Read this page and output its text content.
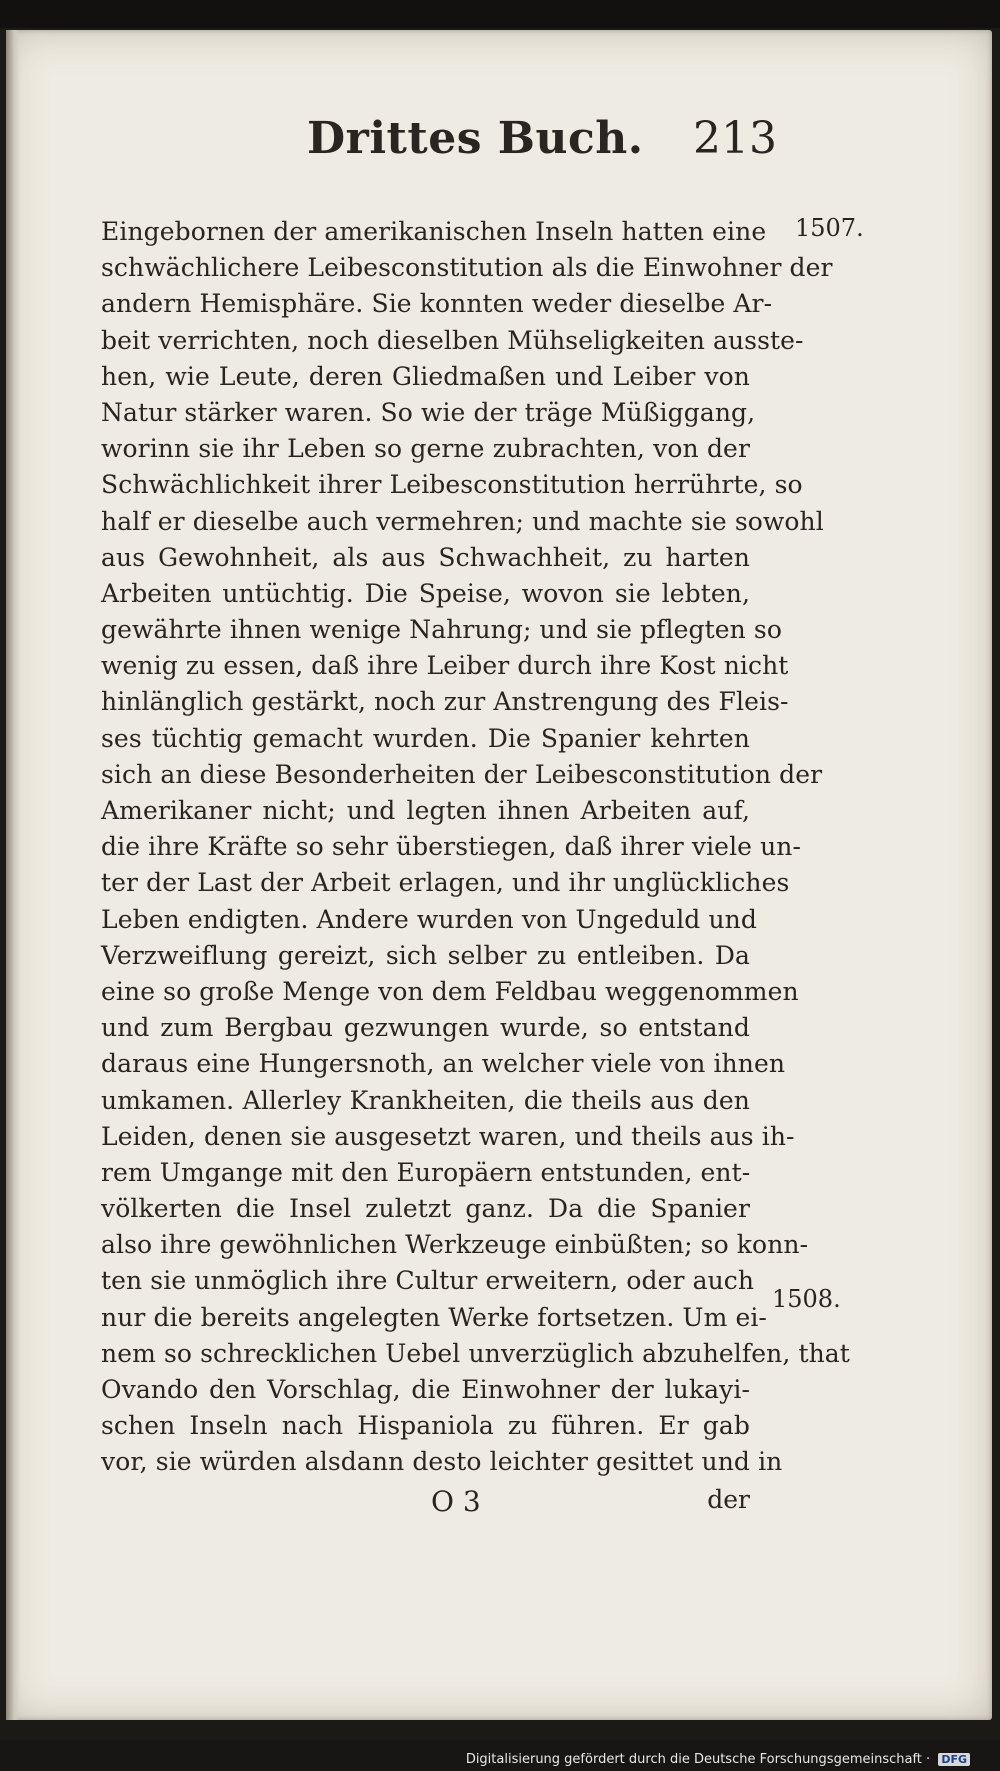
Drittes Buch. 213
1507.
1508.
Eingebornen der amerikanischen Inseln hatten eine
schwächlichere Leibesconstitution als die Einwohner der
andern Hemisphäre. Sie konnten weder dieselbe Ar-
beit verrichten, noch dieselben Mühseligkeiten ausste-
hen, wie Leute, deren Gliedmaßen und Leiber von
Natur stärker waren. So wie der träge Müßiggang,
worinn sie ihr Leben so gerne zubrachten, von der
Schwächlichkeit ihrer Leibesconstitution herrührte, so
half er dieselbe auch vermehren; und machte sie sowohl
aus Gewohnheit, als aus Schwachheit, zu harten
Arbeiten untüchtig. Die Speise, wovon sie lebten,
gewährte ihnen wenige Nahrung; und sie pflegten so
wenig zu essen, daß ihre Leiber durch ihre Kost nicht
hinlänglich gestärkt, noch zur Anstrengung des Fleis-
ses tüchtig gemacht wurden. Die Spanier kehrten
sich an diese Besonderheiten der Leibesconstitution der
Amerikaner nicht; und legten ihnen Arbeiten auf,
die ihre Kräfte so sehr überstiegen, daß ihrer viele un-
ter der Last der Arbeit erlagen, und ihr unglückliches
Leben endigten. Andere wurden von Ungeduld und
Verzweiflung gereizt, sich selber zu entleiben. Da
eine so große Menge von dem Feldbau weggenommen
und zum Bergbau gezwungen wurde, so entstand
daraus eine Hungersnoth, an welcher viele von ihnen
umkamen. Allerley Krankheiten, die theils aus den
Leiden, denen sie ausgesetzt waren, und theils aus ih-
rem Umgange mit den Europäern entstunden, ent-
völkerten die Insel zuletzt ganz. Da die Spanier
also ihre gewöhnlichen Werkzeuge einbüßten; so konn-
ten sie unmöglich ihre Cultur erweitern, oder auch
nur die bereits angelegten Werke fortsetzen. Um ei-
nem so schrecklichen Uebel unverzüglich abzuhelfen, that
Ovando den Vorschlag, die Einwohner der lukayi-
schen Inseln nach Hispaniola zu führen. Er gab
vor, sie würden alsdann desto leichter gesittet und in
O 3	der
Digitalisierung gefördert durch die Deutsche Forschungsgemeinschaft · DFG
